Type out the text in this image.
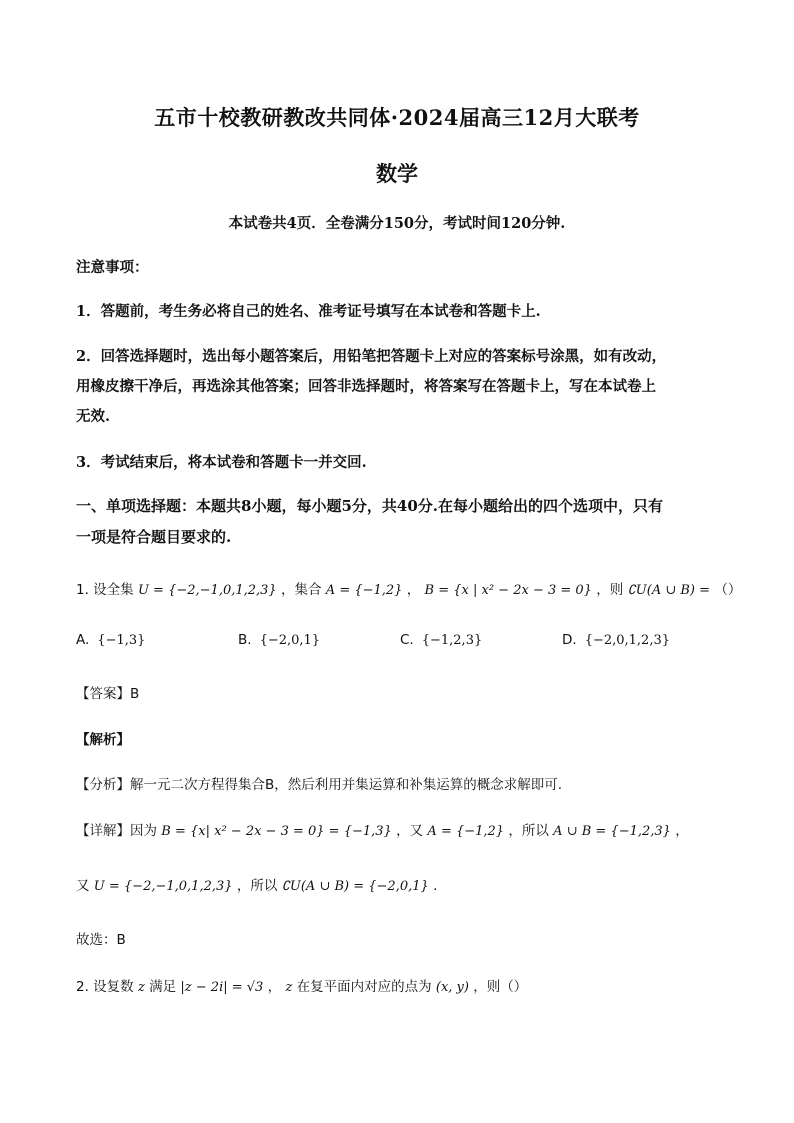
五市十校教研教改共同体·2024届高三12月大联考
数学
本试卷共4页．全卷满分150分，考试时间120分钟.
注意事项：
1．答题前，考生务必将自己的姓名、准考证号填写在本试卷和答题卡上.
2．回答选择题时，选出每小题答案后，用铅笔把答题卡上对应的答案标号涂黑，如有改动，
用橡皮擦干净后，再选涂其他答案；回答非选择题时，将答案写在答题卡上，写在本试卷上
无效.
3．考试结束后，将本试卷和答题卡一并交回.
一、单项选择题：本题共8小题，每小题5分，共40分.在每小题给出的四个选项中，只有
一项是符合题目要求的.
1. 设全集 U = {−2,−1,0,1,2,3} ，集合 A = {−1,2} ， B = {x | x² − 2x − 3 = 0} ，则 ∁U(A ∪ B) = （）
A. {−1,3}	B. {−2,0,1}	C. {−1,2,3}	D. {−2,0,1,2,3}
【答案】B
【解析】
【分析】解一元二次方程得集合B，然后利用并集运算和补集运算的概念求解即可.
【详解】因为 B = {x| x² − 2x − 3 = 0} = {−1,3} ，又 A = {−1,2} ，所以 A ∪ B = {−1,2,3} ，
又 U = {−2,−1,0,1,2,3} ，所以 ∁U(A ∪ B) = {−2,0,1} .
故选：B
2. 设复数 z 满足 |z − 2i| = √3 ， z 在复平面内对应的点为 (x, y) ，则（）
